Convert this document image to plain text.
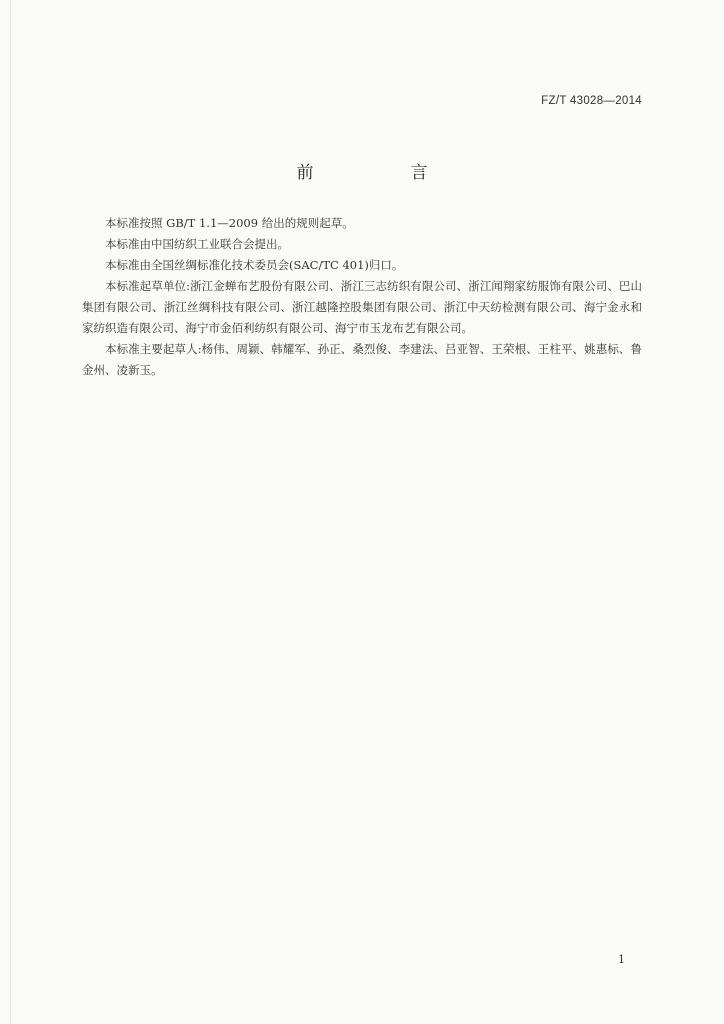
FZ/T 43028—2014
前　言

本标准按照 GB/T 1.1—2009 给出的规则起草。

本标准由中国纺织工业联合会提出。

本标准由全国丝绸标准化技术委员会(SAC/TC 401)归口。

本标准起草单位:浙江金蝉布艺股份有限公司、浙江三志纺织有限公司、浙江闻翔家纺服饰有限公司、巴山集团有限公司、浙江丝绸科技有限公司、浙江越隆控股集团有限公司、浙江中天纺检测有限公司、海宁金永和家纺织造有限公司、海宁市金佰利纺织有限公司、海宁市玉龙布艺有限公司。

本标准主要起草人:杨伟、周颖、韩耀军、孙正、桑烈俊、李建法、吕亚智、王荣根、王柱平、姚惠标、鲁金州、凌新玉。

1
